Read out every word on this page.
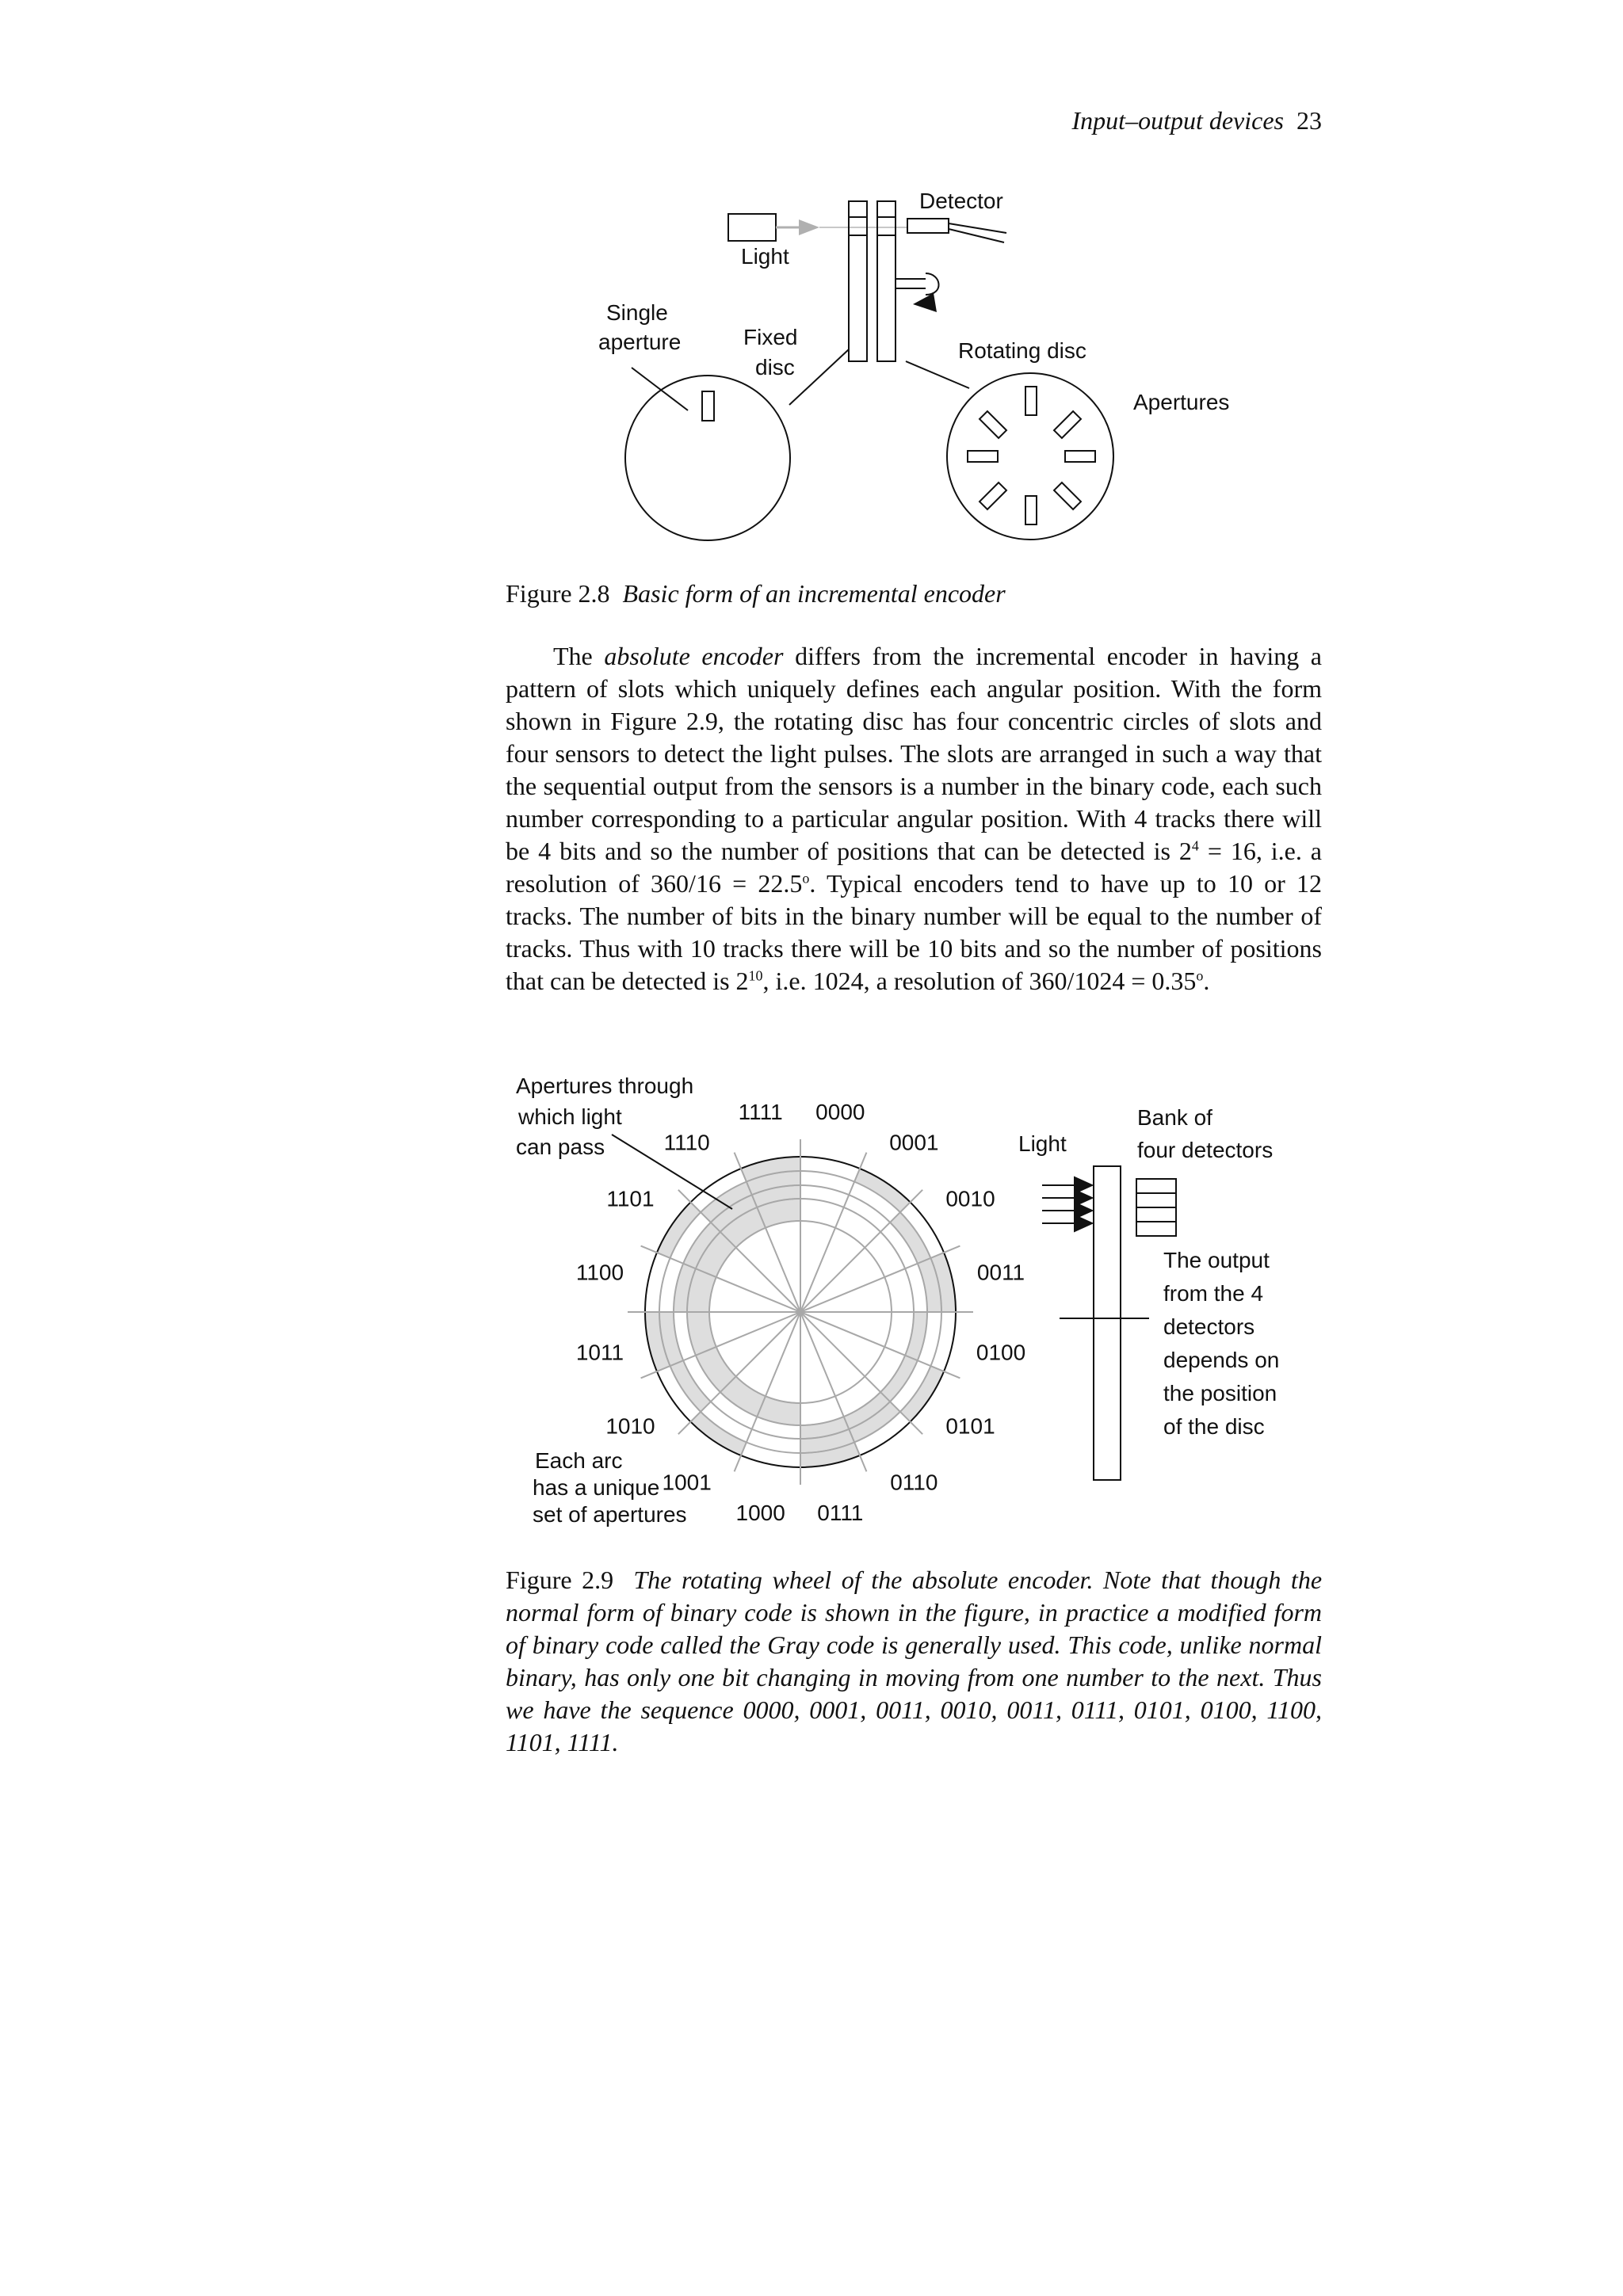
Input–output devices 23
Light
Detector
Single
aperture	Fixed
disc
Rotating disc
Apertures
Figure 2.8 Basic form of an incremental encoder

The absolute encoder differs from the incremental encoder in having a pattern of slots which uniquely defines each angular position. With the form shown in Figure 2.9, the rotating disc has four concentric circles of slots and four sensors to detect the light pulses. The slots are arranged in such a way that the sequential output from the sensors is a number in the binary code, each such number corresponding to a particular angular position. With 4 tracks there will be 4 bits and so the number of positions that can be detected is $2^4 = 16$, i.e. a resolution of $360/16 = 22.5^o$. Typical encoders tend to have up to 10 or 12 tracks. The number of bits in the binary number will be equal to the number of tracks. Thus with 10 tracks there will be 10 bits and so the number of positions that can be detected is $2^{10}$, i.e. 1024, a resolution of $360/1024 = 0.35^o$.

0000
0001
0010
0011
0100
0101
0110
0111
1000
1001
1010
1011
1100
1101
1110
1111
Apertures through
which light
can pass
Each arc
has a unique
set of apertures
Light
Bank of
four detectors
The output
from the 4
detectors
depends on
the position
of the disc
Figure 2.9 The rotating wheel of the absolute encoder. Note that though the normal form of binary code is shown in the figure, in practice a modified form of binary code called the Gray code is generally used. This code, unlike normal binary, has only one bit changing in moving from one number to the next. Thus we have the sequence 0000, 0001, 0011, 0010, 0011, 0111, 0101, 0100, 1100, 1101, 1111.
